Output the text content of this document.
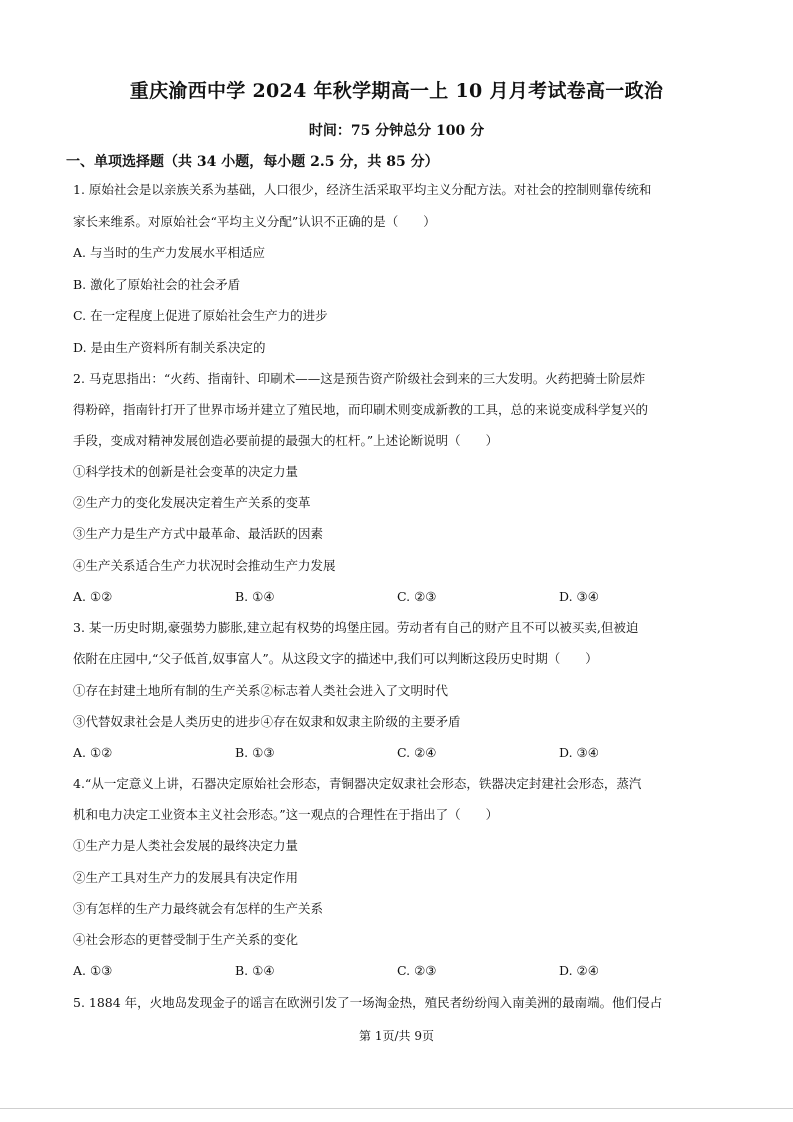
重庆渝西中学 2024 年秋学期高一上 10 月月考试卷高一政治
时间：75 分钟总分 100 分
一、单项选择题（共 34 小题，每小题 2.5 分，共 85 分）
1. 原始社会是以亲族关系为基础，人口很少，经济生活采取平均主义分配方法。对社会的控制则靠传统和
家长来维系。对原始社会“平均主义分配”认识不正确的是（　　）
A. 与当时的生产力发展水平相适应
B. 激化了原始社会的社会矛盾
C. 在一定程度上促进了原始社会生产力的进步
D. 是由生产资料所有制关系决定的
2. 马克思指出：“火药、指南针、印刷术——这是预告资产阶级社会到来的三大发明。火药把骑士阶层炸
得粉碎，指南针打开了世界市场并建立了殖民地，而印刷术则变成新教的工具，总的来说变成科学复兴的
手段，变成对精神发展创造必要前提的最强大的杠杆。”上述论断说明（　　）
①科学技术的创新是社会变革的决定力量
②生产力的变化发展决定着生产关系的变革
③生产力是生产方式中最革命、最活跃的因素
④生产关系适合生产力状况时会推动生产力发展
A. ①②	B. ①④	C. ②③	D. ③④
3. 某一历史时期,豪强势力膨胀,建立起有权势的坞堡庄园。劳动者有自己的财产且不可以被买卖,但被迫
依附在庄园中,“父子低首,奴事富人”。从这段文字的描述中,我们可以判断这段历史时期（　　）
①存在封建土地所有制的生产关系②标志着人类社会进入了文明时代
③代替奴隶社会是人类历史的进步④存在奴隶和奴隶主阶级的主要矛盾
A. ①②	B. ①③	C. ②④	D. ③④
4.“从一定意义上讲，石器决定原始社会形态，青铜器决定奴隶社会形态，铁器决定封建社会形态，蒸汽
机和电力决定工业资本主义社会形态。”这一观点的合理性在于指出了（　　）
①生产力是人类社会发展的最终决定力量
②生产工具对生产力的发展具有决定作用
③有怎样的生产力最终就会有怎样的生产关系
④社会形态的更替受制于生产关系的变化
A. ①③	B. ①④	C. ②③	D. ②④
5. 1884 年，火地岛发现金子的谣言在欧洲引发了一场淘金热，殖民者纷纷闯入南美洲的最南端。他们侵占
第 1页/共 9页
